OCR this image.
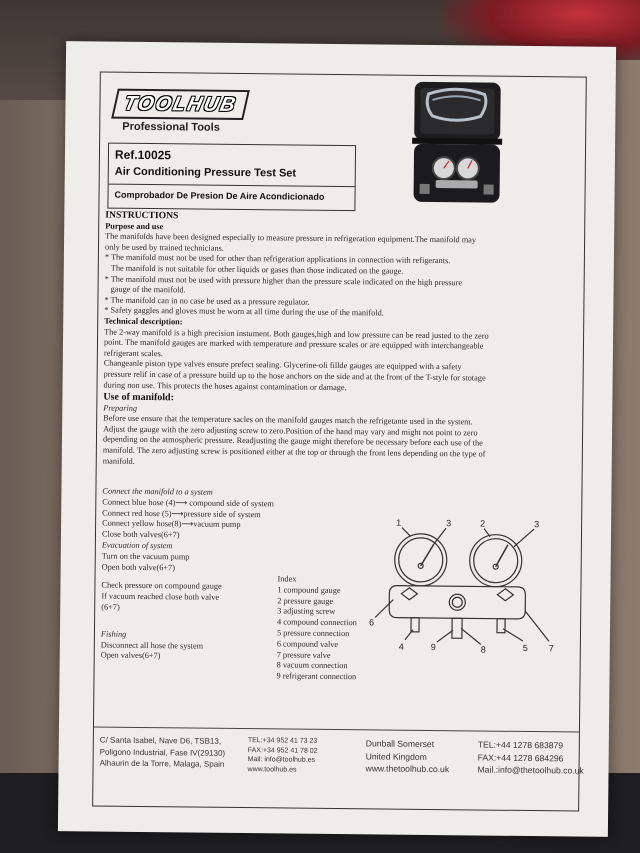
TOOLHUB
Professional Tools
Ref.10025
Air Conditioning Pressure Test Set
Comprobador De Presion De Aire Acondicionado

INSTRUCTIONS

Purpose and use

The manifolds have been designed especially to measure pressure in refrigeration equipment.The manifold may

only be used by trained technicians.

* The manifold must not be used for other than refrigeration applications in connection with refigerants.

The manifold is not suitable for other liquids or gases than those indicated on the gauge.

* The manifold must not be used with pressure higher than the pressure scale indicated on the high pressure

gauge of the manifold.

* The manifold can in no case be used as a pressure regulator.

* Safety gaggles and gloves must be worn at all time during the use of the manifold.

Technical description:

The 2-way manifold is a high precision instument. Both gauges,high and low pressure can be read justed to the zero

point. The manifold gauges are marked with temperature and pressure scales or are equipped with interchangeable

refrigerant scales.

Changeanle piston type valves ensure prefect sealing. Glycerine-oli fillde gauges are equipped with a safety

pressure relif in case of a pressure build up to the hose anchors on the side and at the front of the T-style for stotage

during non use. This protects the hoses against contamination or damage.

Use of manifold:

Preparing

Before use ensure that the temperature sacles on the manifold gauges match the refrigetante used in the system.

Adjust the gauge with the zero adjusting screw to zero.Position of the hand may vary and might not point to zero

depending on the atmospheric pressure. Readjusting the gauge might therefore be necessary before each use of the

manifold. The zero adjusting screw is positioned either at the top or through the front lens depending on the type of

manifold.

Connect the manifold to a system

Connect blue hose (4)⟶ compound side of system

Connect red hose (5)⟶pressure side of system

Connect yellow hose(8)⟶vacuum pump

Close both valves(6+7)

Evacuation of system

Turn on the vacuum pump

Open both valve(6+7)

Check pressure on compound gauge

If vacuum reached close both valve

(6+7)

Fishing

Disconnect all hose the system

Open valves(6+7)

Index

1 compound gauge

2 pressure gauge

3 adjusting screw

4 compound connection

5 pressure connection

6 compound valve

7 pressure valve

8 vacuum connection

9 refrigerant connection

1	3	2	3
6
4	9	8	5 7

C/ Santa Isabel, Nave D6, TSB13,

Poligono Industrial, Fase IV(29130)

Alhaurin de la Torre, Malaga, Spain

TEL:+34 952 41 73 23

FAX:+34 952 41 78 02

Mail: info@toolhub.es

www.toolhub.es

Dunball Somerset

United Kingdom

www.thetoolhub.co.uk

TEL:+44 1278 683879

FAX:+44 1278 684296

Mail.:info@thetoolhub.co.uk
